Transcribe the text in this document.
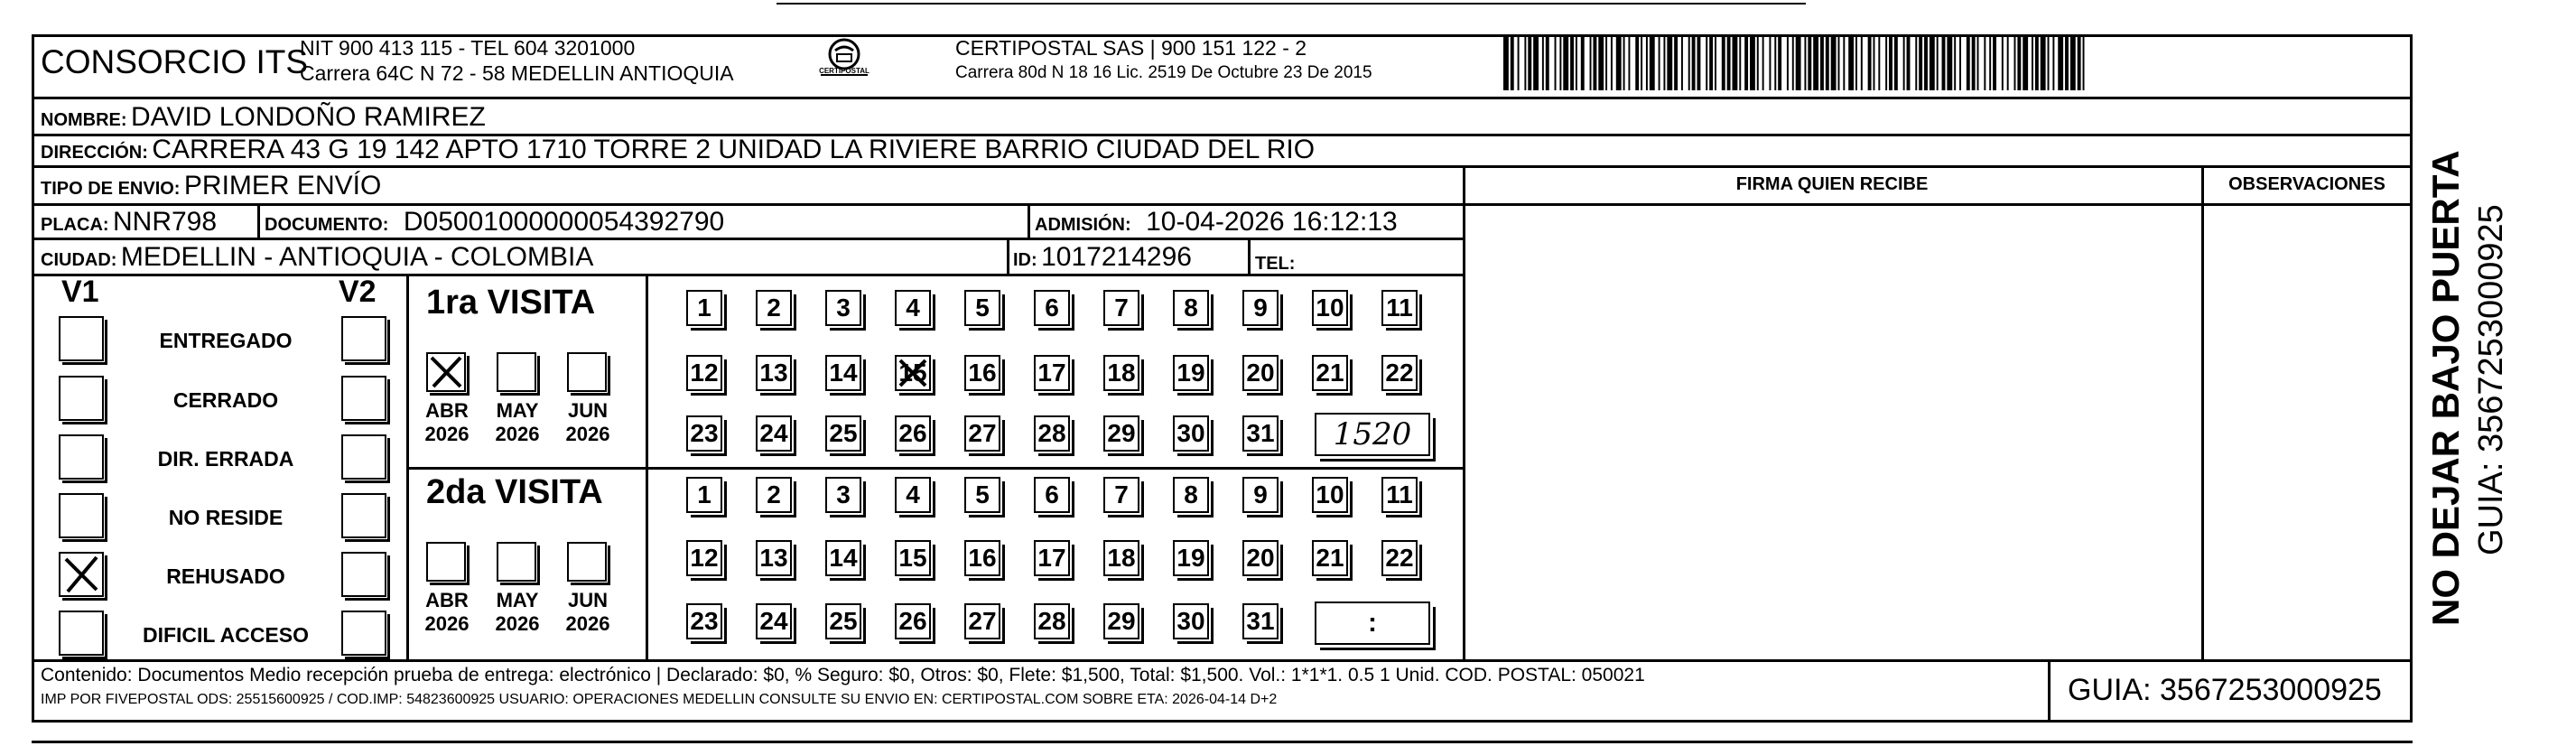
CONSORCIO ITS
NIT 900 413 115 - TEL 604 3201000
Carrera 64C N 72 - 58 MEDELLIN ANTIOQUIA	CERTIPOSTAL
CERTIPOSTAL SAS | 900 151 122 - 2
Carrera 80d N 18 16 Lic. 2519 De Octubre 23 De 2015
NOMBRE: DAVID LONDOÑO RAMIREZ
DIRECCIÓN: CARRERA 43 G 19 142 APTO 1710 TORRE 2 UNIDAD LA RIVIERE BARRIO CIUDAD DEL RIO
TIPO DE ENVIO: PRIMER ENVÍO
PLACA: NNR798	DOCUMENTO: D05001000000054392790	ADMISIÓN: 10-04-2026 16:12:13
CIUDAD: MEDELLIN - ANTIOQUIA - COLOMBIA	ID: 1017214296	TEL:
FIRMA QUIEN RECIBE	OBSERVACIONES
V1	V2
ENTREGADO
CERRADO
DIR. ERRADA
NO RESIDE
REHUSADO
DIFICIL ACCESO
1ra VISITA
2da VISITA
ABR
2026
MAY
2026
JUN
2026
ABR
2026
MAY
2026
JUN
2026
1 2 3 4 5 6 7 8 9 10 11
12 13 14 15 16 17 18 19 20 21 22
23 24 25 26 27 28 29 30 31
1 2 3 4 5 6 7 8 9 10 11
12 13 14 15 16 17 18 19 20 21 22
23 24 25 26 27 28 29 30 31
1520
:
Contenido: Documentos Medio recepción prueba de entrega: electrónico | Declarado: $0, % Seguro: $0, Otros: $0, Flete: $1,500, Total: $1,500. Vol.: 1*1*1. 0.5 1 Unid. COD. POSTAL: 050021
IMP POR FIVEPOSTAL ODS: 25515600925 / COD.IMP: 54823600925 USUARIO: OPERACIONES MEDELLIN CONSULTE SU ENVIO EN: CERTIPOSTAL.COM SOBRE ETA: 2026-04-14 D+2	GUIA: 3567253000925
NO DEJAR BAJO PUERTA GUIA: 3567253000925
